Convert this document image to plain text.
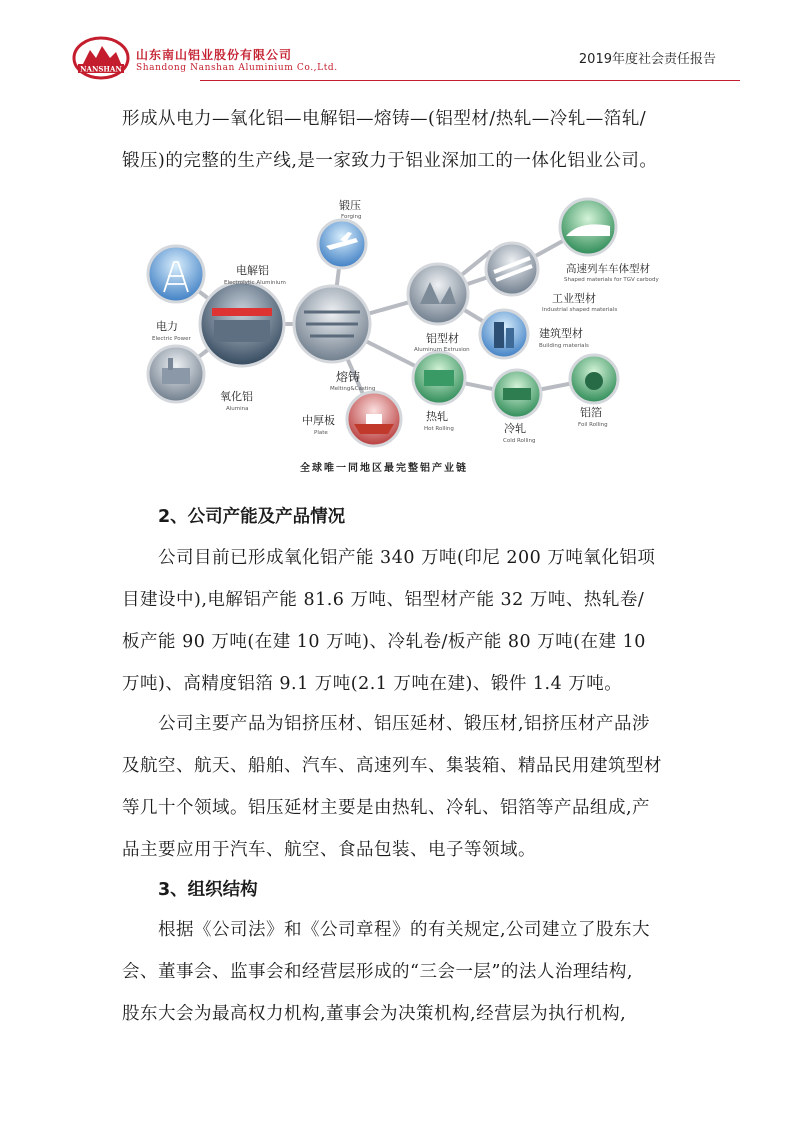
NANSHAN
山东南山铝业股份有限公司
Shandong Nanshan Aluminium Co.,Ltd.
2019年度社会责任报告
形成从电力—氧化铝—电解铝—熔铸—(铝型材/热轧—冷轧—箔轧/
锻压)的完整的生产线,是一家致力于铝业深加工的一体化铝业公司。
电力
Electric Power
电解铝
Electrolytic Aluminium
氧化铝
Alumina
锻压
Forging
熔铸
Melting&Casting
中厚板
Plate
铝型材
Aluminum Extrusion
热轧
Hot Rolling	冷轧
Cold Rolling
铝箔
Foil Rolling
高速列车车体型材
Shaped materials for TGV carbody
工业型材
Industrial shaped materials
建筑型材
Building materials
全球唯一同地区最完整铝产业链
2、公司产能及产品情况
公司目前已形成氧化铝产能 340 万吨(印尼 200 万吨氧化铝项
目建设中),电解铝产能 81.6 万吨、铝型材产能 32 万吨、热轧卷/
板产能 90 万吨(在建 10 万吨)、冷轧卷/板产能 80 万吨(在建 10
万吨)、高精度铝箔 9.1 万吨(2.1 万吨在建)、锻件 1.4 万吨。
公司主要产品为铝挤压材、铝压延材、锻压材,铝挤压材产品涉
及航空、航天、船舶、汽车、高速列车、集装箱、精品民用建筑型材
等几十个领域。铝压延材主要是由热轧、冷轧、铝箔等产品组成,产
品主要应用于汽车、航空、食品包装、电子等领域。
3、组织结构
根据《公司法》和《公司章程》的有关规定,公司建立了股东大
会、董事会、监事会和经营层形成的“三会一层”的法人治理结构,
股东大会为最高权力机构,董事会为决策机构,经营层为执行机构,
